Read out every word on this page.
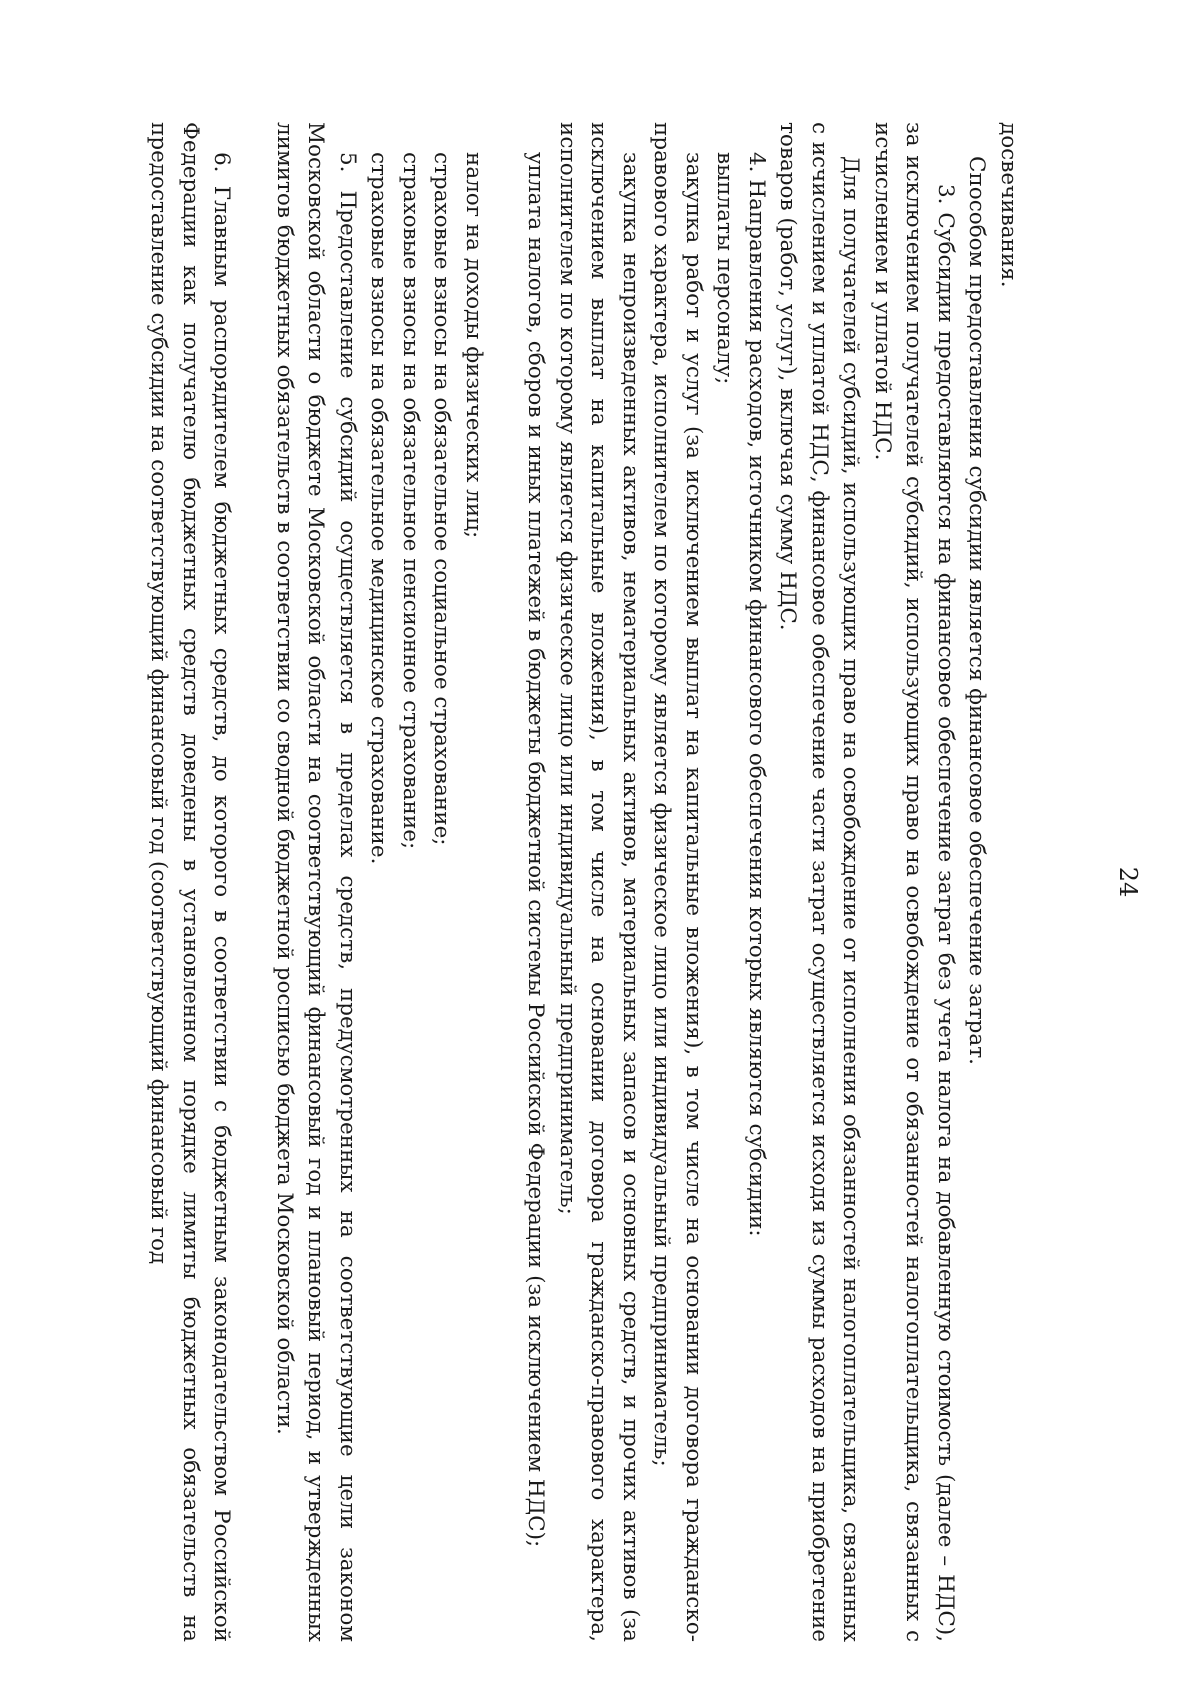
24

досвечивания.

Способом предоставления субсидии является финансовое обеспечение затрат.

3. Субсидии предоставляются на финансовое обеспечение затрат без учета налога на добавленную стоимость (далее – НДС), за исключением получателей субсидий, использующих право на освобождение от обязанностей налогоплательщика, связанных с исчислением и уплатой НДС.

Для получателей субсидий, использующих право на освобождение от исполнения обязанностей налогоплательщика, связанных с исчислением и уплатой НДС, финансовое обеспечение части затрат осуществляется исходя из суммы расходов на приобретение товаров (работ, услуг), включая сумму НДС.

4. Направления расходов, источником финансового обеспечения которых являются субсидии:

выплаты персоналу;

закупка работ и услуг (за исключением выплат на капитальные вложения), в том числе на основании договора гражданско-правового характера, исполнителем по которому является физическое лицо или индивидуальный предприниматель;

закупка непроизведенных активов, нематериальных активов, материальных запасов и основных средств, и прочих активов (за исключением выплат на капитальные вложения), в том числе на основании договора гражданско-правового характера, исполнителем по которому является физическое лицо или индивидуальный предприниматель;

уплата налогов, сборов и иных платежей в бюджеты бюджетной системы Российской Федерации (за исключением НДС);

налог на доходы физических лиц;

страховые взносы на обязательное социальное страхование;

страховые взносы на обязательное пенсионное страхование;

страховые взносы на обязательное медицинское страхование.

5. Предоставление субсидий осуществляется в пределах средств, предусмотренных на соответствующие цели законом Московской области о бюджете Московской области на соответствующий финансовый год и плановый период, и утвержденных лимитов бюджетных обязательств в соответствии со сводной бюджетной росписью бюджета Московской области.

6. Главным распорядителем бюджетных средств, до которого в соответствии с бюджетным законодательством Российской Федерации как получателю бюджетных средств доведены в установленном порядке лимиты бюджетных обязательств на предоставление субсидии на соответствующий финансовый год (соответствующий финансовый год
